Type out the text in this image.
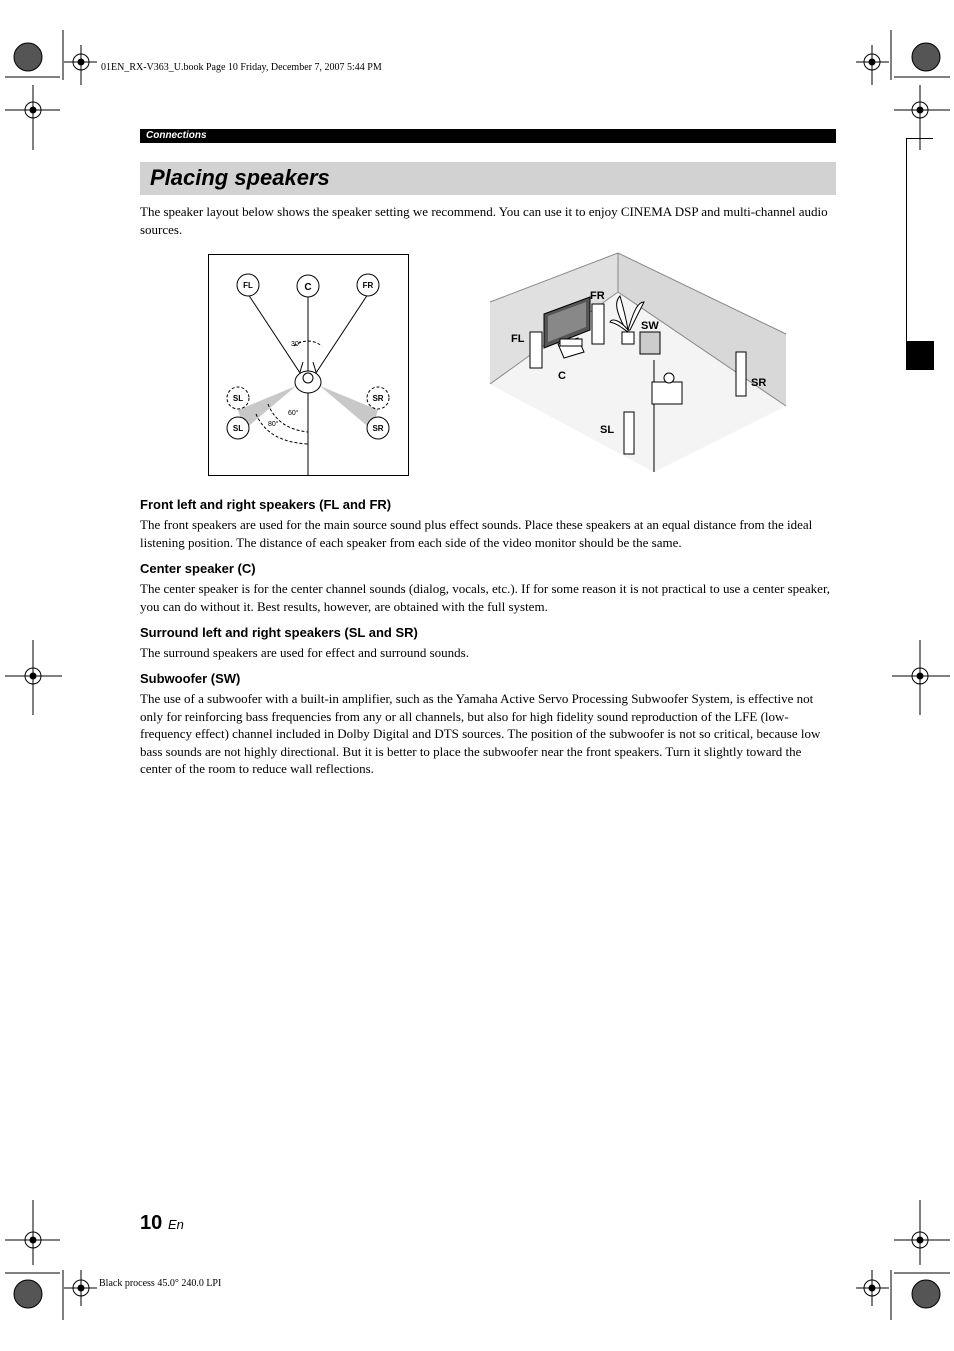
01EN_RX-V363_U.book Page 10 Friday, December 7, 2007 5:44 PM
Black process 45.0° 240.0 LPI
Connections
Placing speakers
The speaker layout below shows the speaker setting we recommend. You can use it to enjoy CINEMA DSP and multi-channel audio sources.
FL	C	FR
SL	SR
SL	SR
30°
60°
80°
FR
SW
FL
C
SR
SL
Front left and right speakers (FL and FR)
The front speakers are used for the main source sound plus effect sounds. Place these speakers at an equal distance from the ideal listening position. The distance of each speaker from each side of the video monitor should be the same.
Center speaker (C)
The center speaker is for the center channel sounds (dialog, vocals, etc.). If for some reason it is not practical to use a center speaker, you can do without it. Best results, however, are obtained with the full system.
Surround left and right speakers (SL and SR)
The surround speakers are used for effect and surround sounds.
Subwoofer (SW)
The use of a subwoofer with a built-in amplifier, such as the Yamaha Active Servo Processing Subwoofer System, is effective not only for reinforcing bass frequencies from any or all channels, but also for high fidelity sound reproduction of the LFE (low-frequency effect) channel included in Dolby Digital and DTS sources. The position of the subwoofer is not so critical, because low bass sounds are not highly directional. But it is better to place the subwoofer near the front speakers. Turn it slightly toward the center of the room to reduce wall reflections.
10 En
